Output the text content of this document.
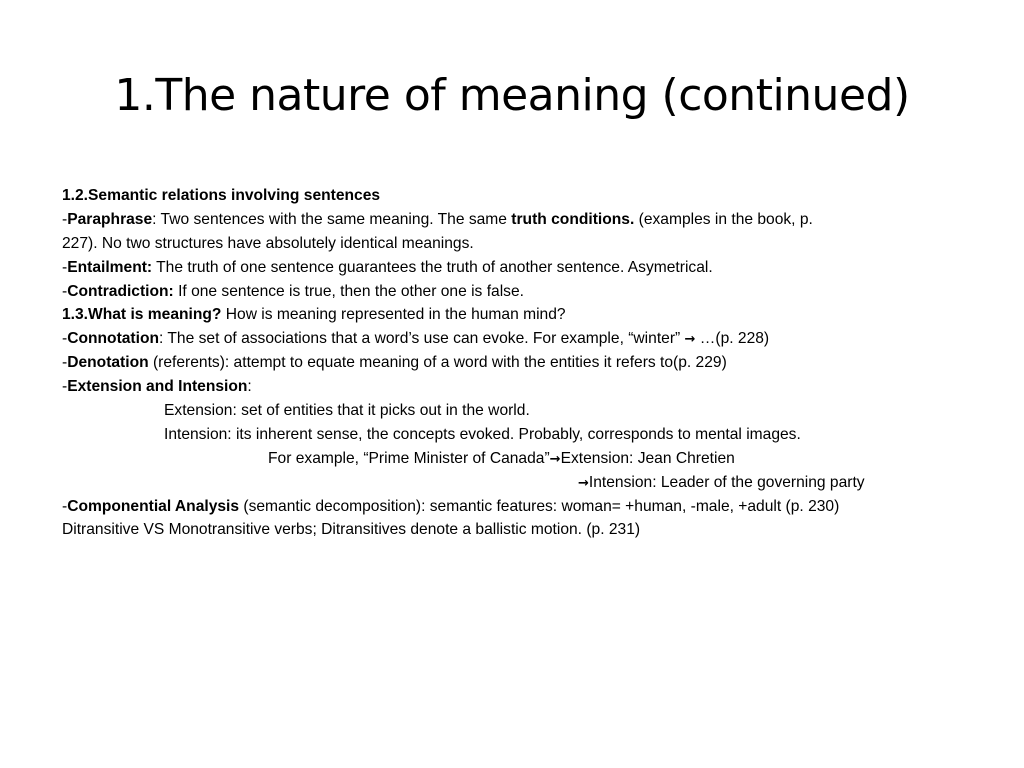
1.The nature of meaning (continued)
1.2.Semantic relations involving sentences
-Paraphrase: Two sentences with the same meaning. The same truth conditions. (examples in the book, p.
227). No two structures have absolutely identical meanings.
-Entailment: The truth of one sentence guarantees the truth of another sentence. Asymetrical.
-Contradiction: If one sentence is true, then the other one is false.
1.3.What is meaning? How is meaning represented in the human mind?
-Connotation: The set of associations that a word’s use can evoke. For example, “winter” → …(p. 228)
-Denotation (referents): attempt to equate meaning of a word with the entities it refers to(p. 229)
-Extension and Intension:
Extension: set of entities that it picks out in the world.
Intension: its inherent sense, the concepts evoked. Probably, corresponds to mental images.
For example, “Prime Minister of Canada”→Extension: Jean Chretien
→Intension: Leader of the governing party
-Componential Analysis (semantic decomposition): semantic features: woman= +human, -male, +adult (p. 230)
Ditransitive VS Monotransitive verbs; Ditransitives denote a ballistic motion. (p. 231)
